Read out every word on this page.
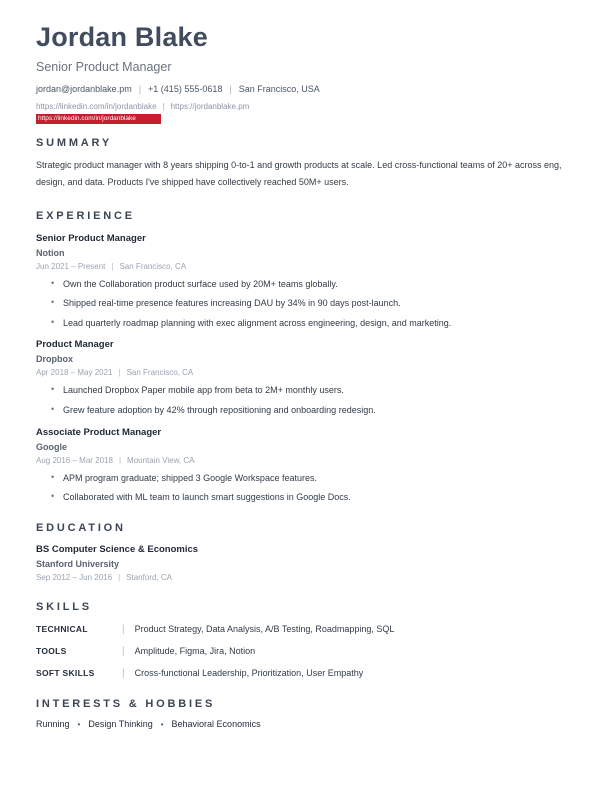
Jordan Blake
Senior Product Manager
jordan@jordanblake.pm | +1 (415) 555-0618 | San Francisco, USA
https://linkedin.com/in/jordanblake | https://jordanblake.pm
https://linkedin.com/in/jordanblake
SUMMARY
Strategic product manager with 8 years shipping 0-to-1 and growth products at scale. Led cross-functional teams of 20+ across eng, design, and data. Products I've shipped have collectively reached 50M+ users.
EXPERIENCE
Senior Product Manager
Notion
Jun 2021 – Present | San Francisco, CA
• Own the Collaboration product surface used by 20M+ teams globally.
• Shipped real-time presence features increasing DAU by 34% in 90 days post-launch.
• Lead quarterly roadmap planning with exec alignment across engineering, design, and marketing.
Product Manager
Dropbox
Apr 2018 – May 2021 | San Francisco, CA
• Launched Dropbox Paper mobile app from beta to 2M+ monthly users.
• Grew feature adoption by 42% through repositioning and onboarding redesign.
Associate Product Manager
Google
Aug 2016 – Mar 2018 | Mountain View, CA
• APM program graduate; shipped 3 Google Workspace features.
• Collaborated with ML team to launch smart suggestions in Google Docs.
EDUCATION
BS Computer Science & Economics
Stanford University
Sep 2012 – Jun 2016 | Stanford, CA
SKILLS
TECHNICAL	| Product Strategy, Data Analysis, A/B Testing, Roadmapping, SQL
TOOLS	| Amplitude, Figma, Jira, Notion
SOFT SKILLS	| Cross-functional Leadership, Prioritization, User Empathy
INTERESTS & HOBBIES
Running • Design Thinking • Behavioral Economics
